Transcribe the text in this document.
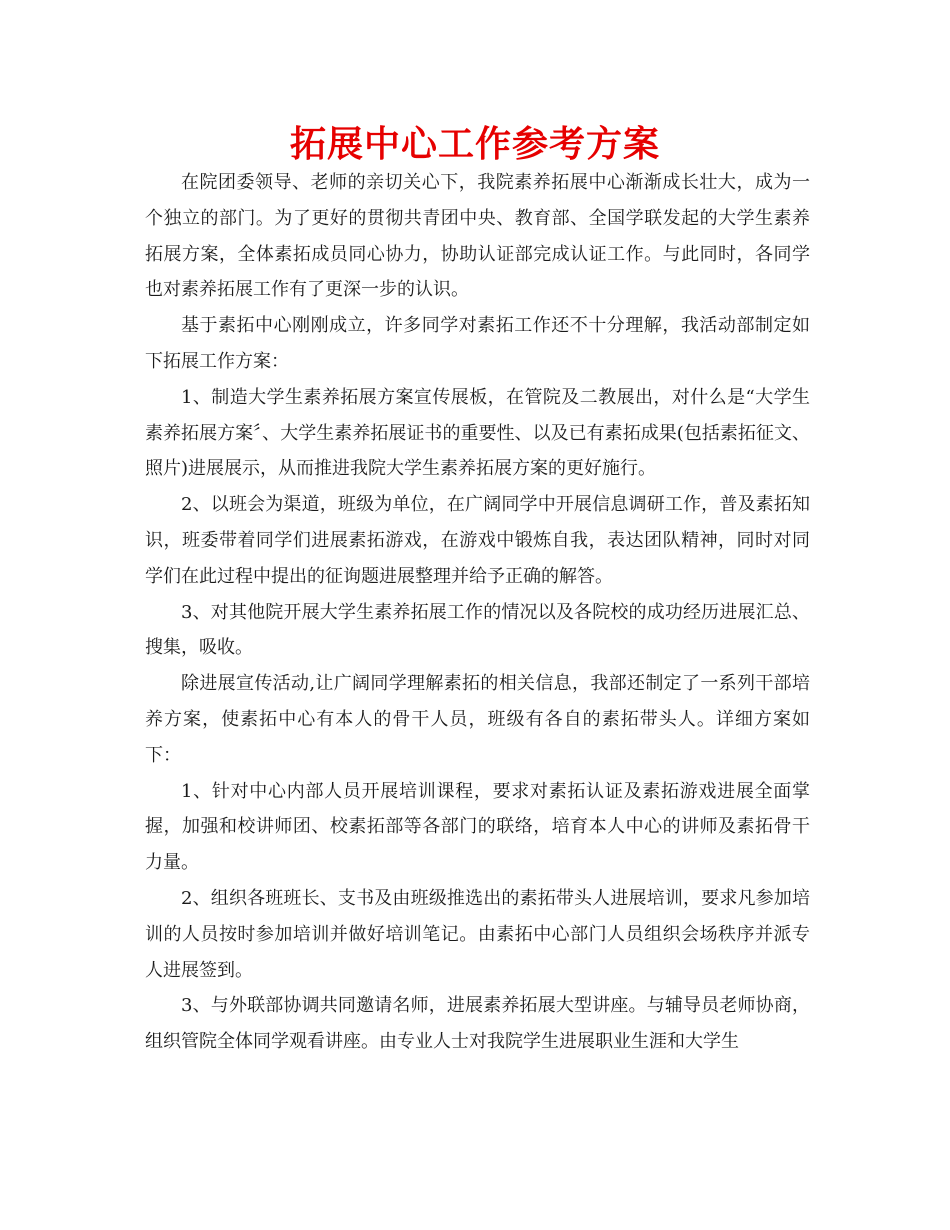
拓展中心工作参考方案

在院团委领导、老师的亲切关心下，我院素养拓展中心渐渐成长壮大，成为一个独立的部门。为了更好的贯彻共青团中央、教育部、全国学联发起的大学生素养拓展方案，全体素拓成员同心协力，协助认证部完成认证工作。与此同时，各同学也对素养拓展工作有了更深一步的认识。

基于素拓中心刚刚成立，许多同学对素拓工作还不十分理解，我活动部制定如下拓展工作方案：

1、制造大学生素养拓展方案宣传展板，在管院及二教展出，对什么是“大学生素养拓展方案〞、大学生素养拓展证书的重要性、以及已有素拓成果(包括素拓征文、照片)进展展示，从而推进我院大学生素养拓展方案的更好施行。

2、以班会为渠道，班级为单位，在广阔同学中开展信息调研工作，普及素拓知识，班委带着同学们进展素拓游戏，在游戏中锻炼自我，表达团队精神，同时对同学们在此过程中提出的征询题进展整理并给予正确的解答。

3、对其他院开展大学生素养拓展工作的情况以及各院校的成功经历进展汇总、搜集，吸收。

除进展宣传活动,让广阔同学理解素拓的相关信息，我部还制定了一系列干部培养方案，使素拓中心有本人的骨干人员，班级有各自的素拓带头人。详细方案如下：

1、针对中心内部人员开展培训课程，要求对素拓认证及素拓游戏进展全面掌握，加强和校讲师团、校素拓部等各部门的联络，培育本人中心的讲师及素拓骨干力量。

2、组织各班班长、支书及由班级推选出的素拓带头人进展培训，要求凡参加培训的人员按时参加培训并做好培训笔记。由素拓中心部门人员组织会场秩序并派专人进展签到。

3、与外联部协调共同邀请名师，进展素养拓展大型讲座。与辅导员老师协商，组织管院全体同学观看讲座。由专业人士对我院学生进展职业生涯和大学生
